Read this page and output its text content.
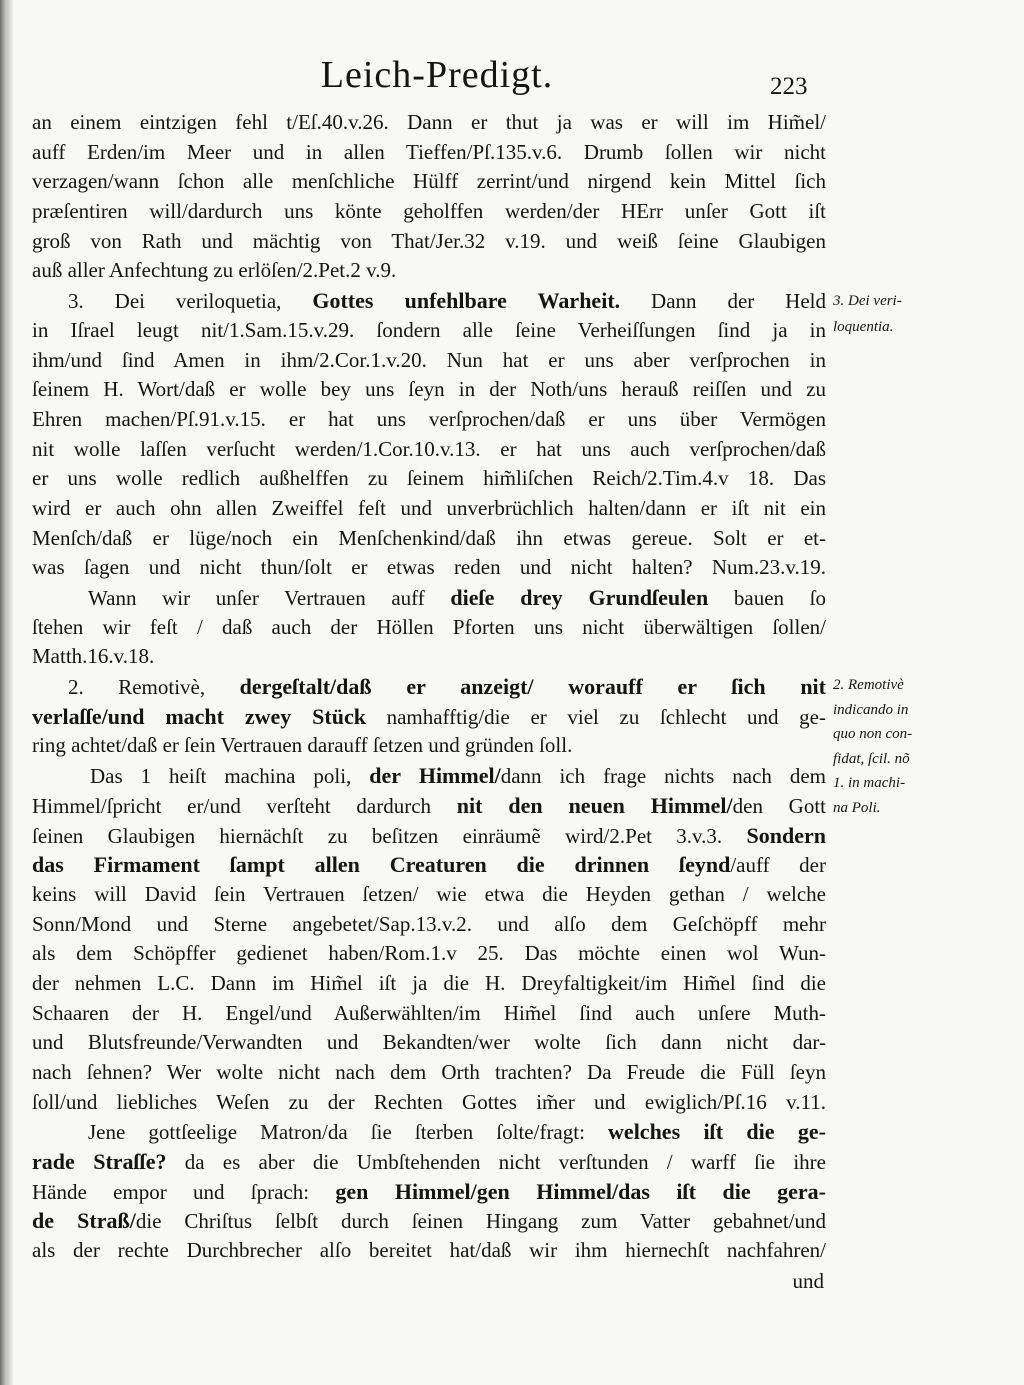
Leich-Predigt.	223
an einem eintzigen fehl t/Eſ.40.v.26. Dann er thut ja was er will im Him̃el/
auff Erden/im Meer und in allen Tieffen/Pſ.135.v.6. Drumb ſollen wir nicht
verzagen/wann ſchon alle menſchliche Hülff zerrint/und nirgend kein Mittel ſich
præſentiren will/dardurch uns könte geholffen werden/der HErr unſer Gott iſt
groß von Rath und mächtig von That/Jer.32 v.19. und weiß ſeine Glaubigen
auß aller Anfechtung zu erlöſen/2.Pet.2 v.9.
3. Dei veriloquetia, Gottes unfehlbare Warheit. Dann der Held
in Iſrael leugt nit/1.Sam.15.v.29. ſondern alle ſeine Verheiſſungen ſind ja in
ihm/und ſind Amen in ihm/2.Cor.1.v.20. Nun hat er uns aber verſprochen in
ſeinem H. Wort/daß er wolle bey uns ſeyn in der Noth/uns herauß reiſſen und zu
Ehren machen/Pſ.91.v.15. er hat uns verſprochen/daß er uns über Vermögen
nit wolle laſſen verſucht werden/1.Cor.10.v.13. er hat uns auch verſprochen/daß
er uns wolle redlich außhelffen zu ſeinem him̃liſchen Reich/2.Tim.4.v 18. Das
wird er auch ohn allen Zweiffel feſt und unverbrüchlich halten/dann er iſt nit ein
Menſch/daß er lüge/noch ein Menſchenkind/daß ihn etwas gereue. Solt er et-
was ſagen und nicht thun/ſolt er etwas reden und nicht halten? Num.23.v.19.
Wann wir unſer Vertrauen auff dieſe drey Grundſeulen bauen ſo
ſtehen wir feſt / daß auch der Höllen Pforten uns nicht überwältigen ſollen/
Matth.16.v.18.
2. Remotivè, dergeſtalt/daß er anzeigt/ worauff er ſich nit
verlaſſe/und macht zwey Stück namhafftig/die er viel zu ſchlecht und ge-
ring achtet/daß er ſein Vertrauen darauff ſetzen und gründen ſoll.
Das 1 heiſt machina poli, der Himmel/dann ich frage nichts nach dem
Himmel/ſpricht er/und verſteht dardurch nit den neuen Himmel/den Gott
ſeinen Glaubigen hiernächſt zu beſitzen einräumẽ wird/2.Pet 3.v.3. Sondern
das Firmament ſampt allen Creaturen die drinnen ſeynd/auff der
keins will David ſein Vertrauen ſetzen/ wie etwa die Heyden gethan / welche
Sonn/Mond und Sterne angebetet/Sap.13.v.2. und alſo dem Geſchöpff mehr
als dem Schöpffer gedienet haben/Rom.1.v 25. Das möchte einen wol Wun-
der nehmen L.C. Dann im Him̃el iſt ja die H. Dreyfaltigkeit/im Him̃el ſind die
Schaaren der H. Engel/und Außerwählten/im Him̃el ſind auch unſere Muth-
und Blutsfreunde/Verwandten und Bekandten/wer wolte ſich dann nicht dar-
nach ſehnen? Wer wolte nicht nach dem Orth trachten? Da Freude die Füll ſeyn
ſoll/und liebliches Weſen zu der Rechten Gottes im̃er und ewiglich/Pſ.16 v.11.
Jene gottſeelige Matron/da ſie ſterben ſolte/fragt: welches iſt die ge-
rade Straſſe? da es aber die Umbſtehenden nicht verſtunden / warff ſie ihre
Hände empor und ſprach: gen Himmel/gen Himmel/das iſt die gera-
de Straß/die Chriſtus ſelbſt durch ſeinen Hingang zum Vatter gebahnet/und
als der rechte Durchbrecher alſo bereitet hat/daß wir ihm hiernechſt nachfahren/
3. Dei veri-
loquentia.
2. Remotivè
indicando in
quo non con-
fidat, ſcil. nõ
1. in machi-
na Poli.
und
